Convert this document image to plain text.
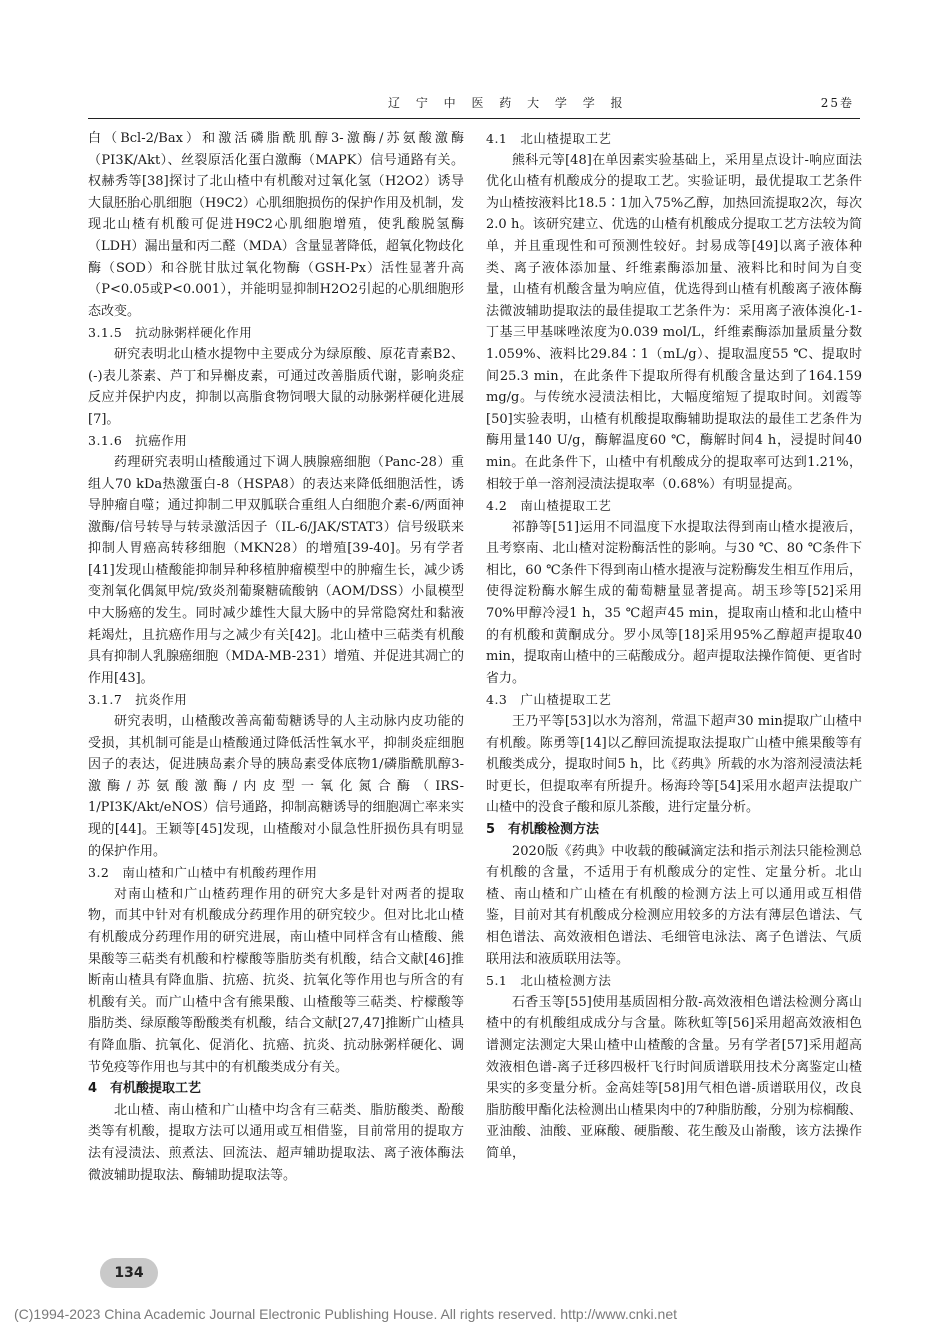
辽 宁 中 医 药 大 学 学 报	25卷

白（Bcl-2/Bax）和激活磷脂酰肌醇3-激酶/苏氨酸激酶（PI3K/Akt）、丝裂原活化蛋白激酶（MAPK）信号通路有关。权赫秀等[38]探讨了北山楂中有机酸对过氧化氢（H2O2）诱导大鼠胚胎心肌细胞（H9C2）心肌细胞损伤的保护作用及机制，发现北山楂有机酸可促进H9C2心肌细胞增殖，使乳酸脱氢酶（LDH）漏出量和丙二醛（MDA）含量显著降低，超氧化物歧化酶（SOD）和谷胱甘肽过氧化物酶（GSH-Px）活性显著升高（P<0.05或P<0.001），并能明显抑制H2O2引起的心肌细胞形态改变。

3.1.5　抗动脉粥样硬化作用

研究表明北山楂水提物中主要成分为绿原酸、原花青素B2、(-)表儿茶素、芦丁和异槲皮素，可通过改善脂质代谢，影响炎症反应并保护内皮，抑制以高脂食物饲喂大鼠的动脉粥样硬化进展[7]。

3.1.6　抗癌作用

药理研究表明山楂酸通过下调人胰腺癌细胞（Panc-28）重组人70 kDa热激蛋白-8（HSPA8）的表达来降低细胞活性，诱导肿瘤自噬；通过抑制二甲双胍联合重组人白细胞介素-6/两面神激酶/信号转导与转录激活因子（IL-6/JAK/STAT3）信号级联来抑制人胃癌高转移细胞（MKN28）的增殖[39-40]。另有学者[41]发现山楂酸能抑制异种移植肿瘤模型中的肿瘤生长，减少诱变剂氧化偶氮甲烷/致炎剂葡聚糖硫酸钠（AOM/DSS）小鼠模型中大肠癌的发生。同时减少雄性大鼠大肠中的异常隐窝灶和黏液耗竭灶，且抗癌作用与之减少有关[42]。北山楂中三萜类有机酸具有抑制人乳腺癌细胞（MDA-MB-231）增殖、并促进其凋亡的作用[43]。

3.1.7　抗炎作用

研究表明，山楂酸改善高葡萄糖诱导的人主动脉内皮功能的受损，其机制可能是山楂酸通过降低活性氧水平，抑制炎症细胞因子的表达，促进胰岛素介导的胰岛素受体底物1/磷脂酰肌醇3-激酶/苏氨酸激酶/内皮型一氧化氮合酶（IRS-1/PI3K/Akt/eNOS）信号通路，抑制高糖诱导的细胞凋亡率来实现的[44]。王颖等[45]发现，山楂酸对小鼠急性肝损伤具有明显的保护作用。

3.2　南山楂和广山楂中有机酸药理作用

对南山楂和广山楂药理作用的研究大多是针对两者的提取物，而其中针对有机酸成分药理作用的研究较少。但对比北山楂有机酸成分药理作用的研究进展，南山楂中同样含有山楂酸、熊果酸等三萜类有机酸和柠檬酸等脂肪类有机酸，结合文献[46]推断南山楂具有降血脂、抗癌、抗炎、抗氧化等作用也与所含的有机酸有关。而广山楂中含有熊果酸、山楂酸等三萜类、柠檬酸等脂肪类、绿原酸等酚酸类有机酸，结合文献[27,47]推断广山楂具有降血脂、抗氧化、促消化、抗癌、抗炎、抗动脉粥样硬化、调节免疫等作用也与其中的有机酸类成分有关。

4　有机酸提取工艺

北山楂、南山楂和广山楂中均含有三萜类、脂肪酸类、酚酸类等有机酸，提取方法可以通用或互相借鉴，目前常用的提取方法有浸渍法、煎煮法、回流法、超声辅助提取法、离子液体酶法微波辅助提取法、酶辅助提取法等。

4.1　北山楂提取工艺

熊科元等[48]在单因素实验基础上，采用星点设计-响应面法优化山楂有机酸成分的提取工艺。实验证明，最优提取工艺条件为山楂按液料比18.5∶1加入75%乙醇，加热回流提取2次，每次2.0 h。该研究建立、优选的山楂有机酸成分提取工艺方法较为简单，并且重现性和可预测性较好。封易成等[49]以离子液体种类、离子液体添加量、纤维素酶添加量、液料比和时间为自变量，山楂有机酸含量为响应值，优选得到山楂有机酸离子液体酶法微波辅助提取法的最佳提取工艺条件为：采用离子液体溴化-1-丁基三甲基咪唑浓度为0.039 mol/L，纤维素酶添加量质量分数1.059%、液料比29.84∶1（mL/g）、提取温度55 ℃、提取时间25.3 min，在此条件下提取所得有机酸含量达到了164.159 mg/g。与传统水浸渍法相比，大幅度缩短了提取时间。刘霞等[50]实验表明，山楂有机酸提取酶辅助提取法的最佳工艺条件为酶用量140 U/g，酶解温度60 ℃，酶解时间4 h，浸提时间40 min。在此条件下，山楂中有机酸成分的提取率可达到1.21%，相较于单一溶剂浸渍法提取率（0.68%）有明显提高。

4.2　南山楂提取工艺

祁静等[51]运用不同温度下水提取法得到南山楂水提液后，且考察南、北山楂对淀粉酶活性的影响。与30 ℃、80 ℃条件下相比，60 ℃条件下得到南山楂水提液与淀粉酶发生相互作用后，使得淀粉酶水解生成的葡萄糖量显著提高。胡玉珍等[52]采用70%甲醇冷浸1 h，35 ℃超声45 min，提取南山楂和北山楂中的有机酸和黄酮成分。罗小凤等[18]采用95%乙醇超声提取40 min，提取南山楂中的三萜酸成分。超声提取法操作简便、更省时省力。

4.3　广山楂提取工艺

王乃平等[53]以水为溶剂，常温下超声30 min提取广山楂中有机酸。陈勇等[14]以乙醇回流提取法提取广山楂中熊果酸等有机酸类成分，提取时间5 h，比《药典》所载的水为溶剂浸渍法耗时更长，但提取率有所提升。杨海玲等[54]采用水超声法提取广山楂中的没食子酸和原儿茶酸，进行定量分析。

5　有机酸检测方法

2020版《药典》中收载的酸碱滴定法和指示剂法只能检测总有机酸的含量，不适用于有机酸成分的定性、定量分析。北山楂、南山楂和广山楂在有机酸的检测方法上可以通用或互相借鉴，目前对其有机酸成分检测应用较多的方法有薄层色谱法、气相色谱法、高效液相色谱法、毛细管电泳法、离子色谱法、气质联用法和液质联用法等。

5.1　北山楂检测方法

石香玉等[55]使用基质固相分散-高效液相色谱法检测分离山楂中的有机酸组成成分与含量。陈秋虹等[56]采用超高效液相色谱测定法测定大果山楂中山楂酸的含量。另有学者[57]采用超高效液相色谱-离子迁移四极杆飞行时间质谱联用技术分离鉴定山楂果实的多变量分析。金高娃等[58]用气相色谱-质谱联用仪，改良脂肪酸甲酯化法检测出山楂果肉中的7种脂肪酸，分别为棕榈酸、亚油酸、油酸、亚麻酸、硬脂酸、花生酸及山嵛酸，该方法操作简单，

134
(C)1994-2023 China Academic Journal Electronic Publishing House. All rights reserved. http://www.cnki.net
